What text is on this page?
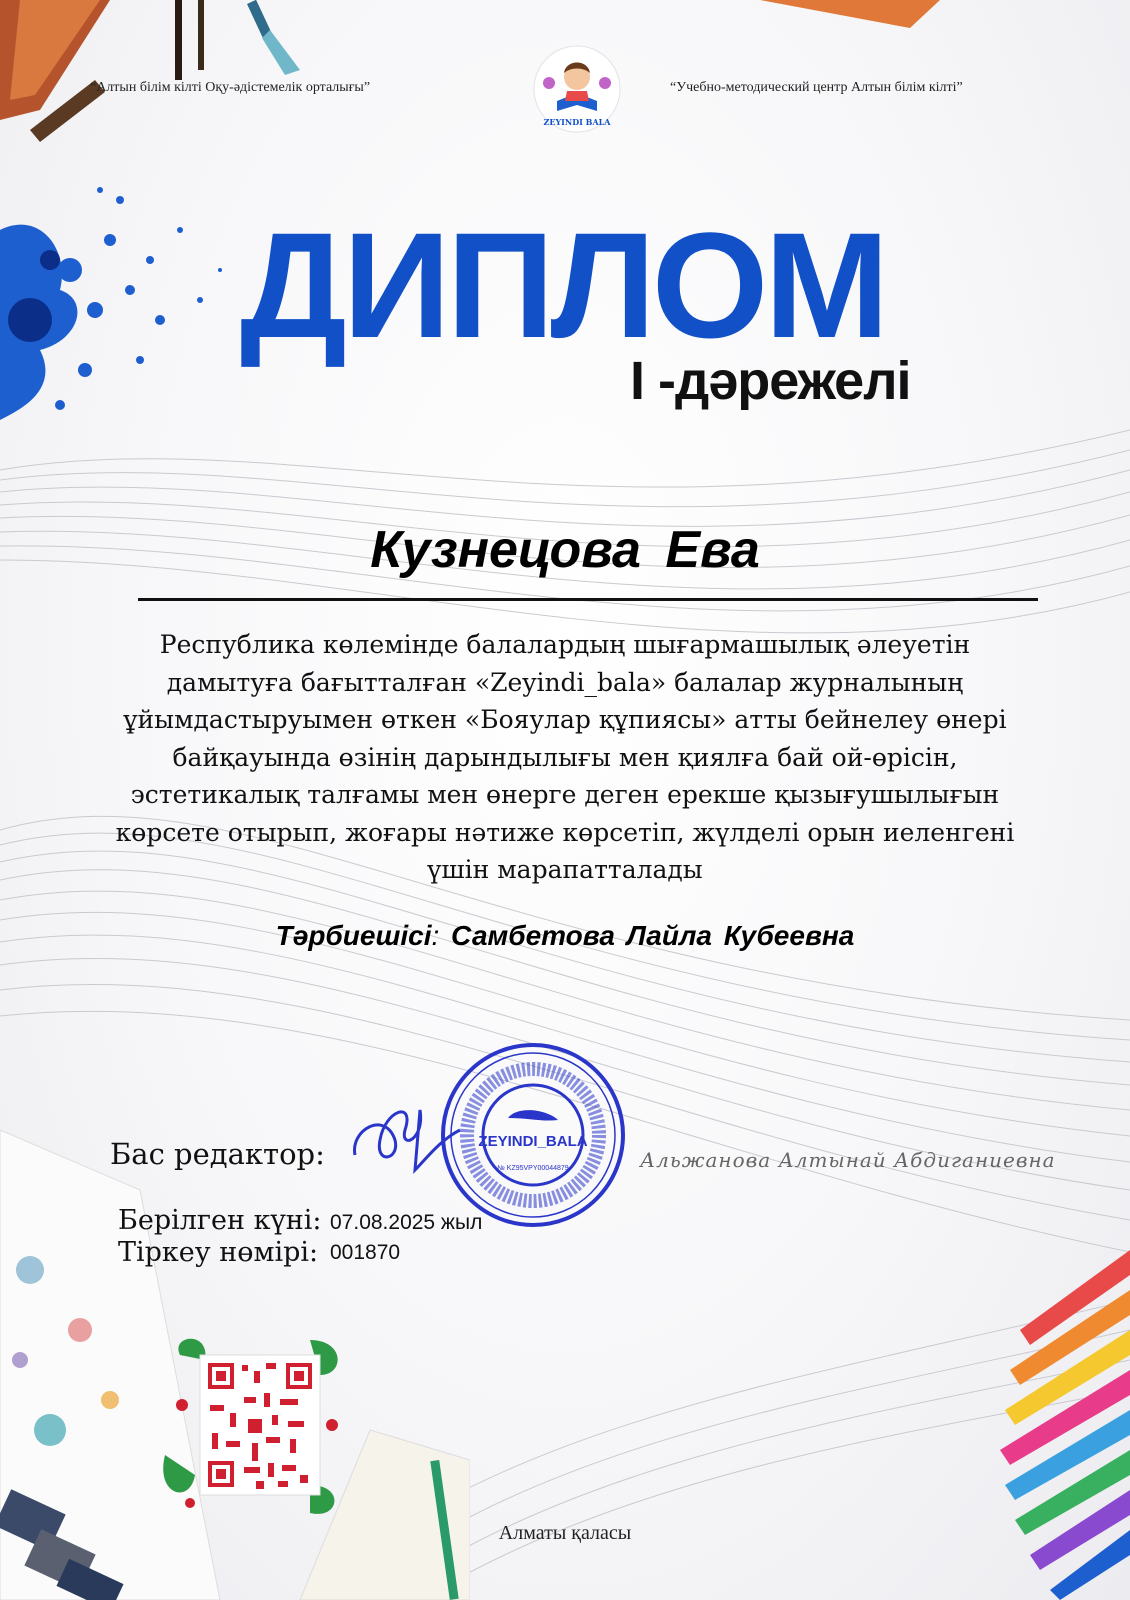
“Алтын білім кілті Оқу-әдістемелік орталығы”
ZEYINDI BALA
“Учебно-методический центр Алтын білім кілті”
ДИПЛОМ
І -дәрежелі
Кузнецова Ева
Республика көлемінде балалардың шығармашылық әлеуетін дамытуға бағытталған «Zeyindi_bala» балалар журналының ұйымдастыруымен өткен «Бояулар құпиясы» атты бейнелеу өнері байқауында өзінің дарындылығы мен қиялға бай ой-өрісін, эстетикалық талғамы мен өнерге деген ерекше қызығушылығын көрсете отырып, жоғары нәтиже көрсетіп, жүлделі орын иеленгені үшін марапатталады
Тәрбиешісі: Самбетова Лайла Кубеевна
Бас редактор:	ZEYINDI_BALA
№ KZ95VPY00044879	Альжанова Алтынай Абдиганиевна
Берілген күні: 07.08.2025 жыл
Тіркеу нөмірі: 001870
Алматы қаласы
